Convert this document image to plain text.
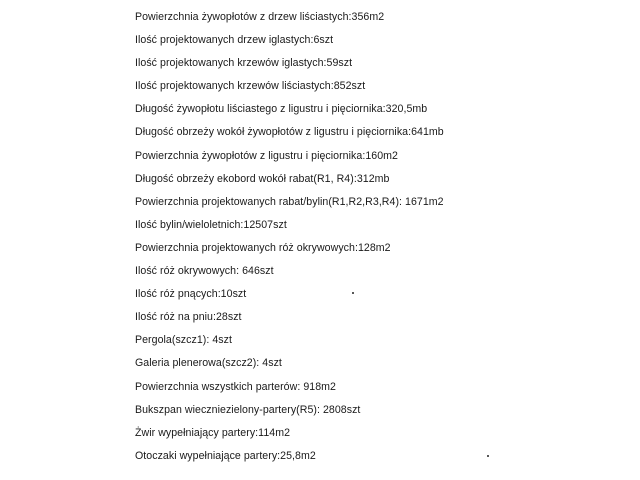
Powierzchnia żywopłotów z drzew liściastych:356m2
Ilość projektowanych drzew iglastych:6szt
Ilość projektowanych krzewów iglastych:59szt
Ilość projektowanych krzewów liściastych:852szt
Długość żywopłotu liściastego z ligustru i pięciornika:320,5mb
Długość obrzeży wokół żywopłotów z ligustru i pięciornika:641mb
Powierzchnia żywopłotów z ligustru i pięciornika:160m2
Długość obrzeży ekobord wokół rabat(R1, R4):312mb
Powierzchnia projektowanych rabat/bylin(R1,R2,R3,R4): 1671m2
Ilość bylin/wieloletnich:12507szt
Powierzchnia projektowanych róż okrywowych:128m2
Ilość róż okrywowych: 646szt
Ilość róż pnących:10szt
Ilość róż na pniu:28szt
Pergola(szcz1): 4szt
Galeria plenerowa(szcz2): 4szt
Powierzchnia wszystkich parterów: 918m2
Bukszpan wieczniezielony-partery(R5): 2808szt
Żwir wypełniający partery:114m2
Otoczaki wypełniające partery:25,8m2
